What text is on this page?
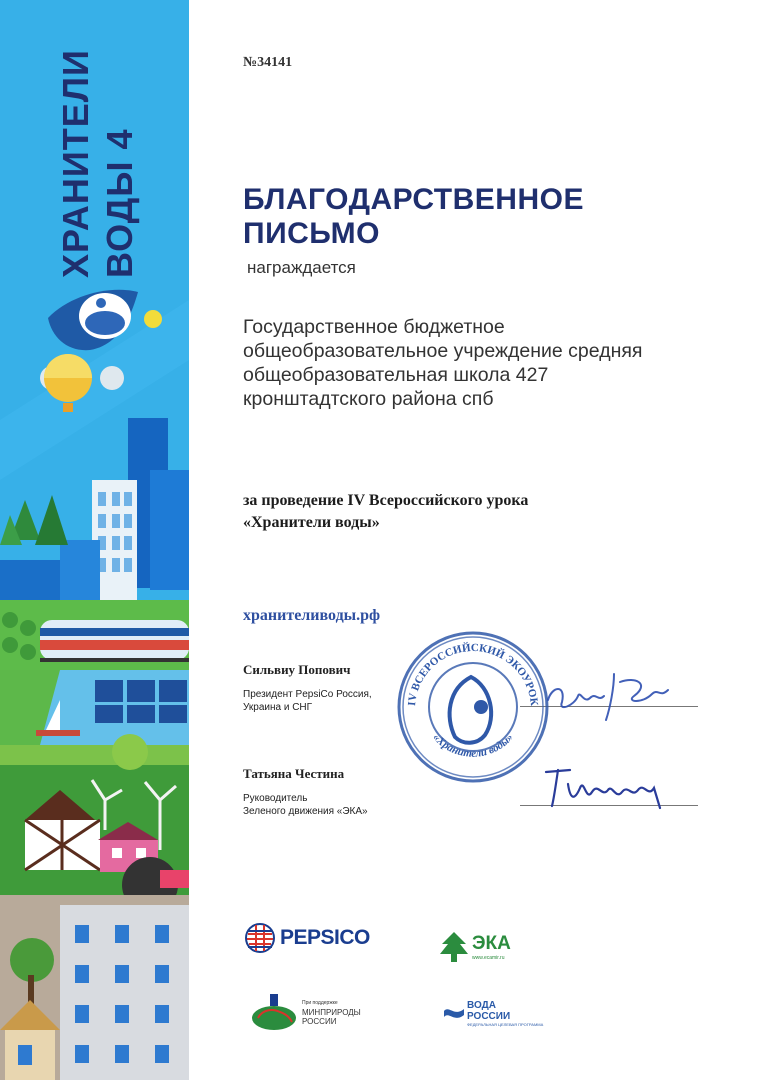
ХРАНИТЕЛИ ВОДЫ 4
№34141
БЛАГОДАРСТВЕННОЕ
ПИСЬМО
награждается
Государственное бюджетное
общеобразовательное учреждение средняя
общеобразовательная школа 427
кронштадтского района спб
за проведение IV Всероссийского урока
«Хранители воды»
хранителиводы.рф
Сильвиу Попович
Президент PepsiCo Россия,
Украина и СНГ
Татьяна Честина
Руководитель
Зеленого движения «ЭКА»
IV ВСЕРОССИЙСКИЙ ЭКОУРОК
«Хранители воды»
PEPSICO	ЭКА
www.ecamir.ru
При поддержке
МИНПРИРОДЫ
РОССИИ
ВОДА
РОССИИ
ФЕДЕРАЛЬНАЯ ЦЕЛЕВАЯ ПРОГРАММА
